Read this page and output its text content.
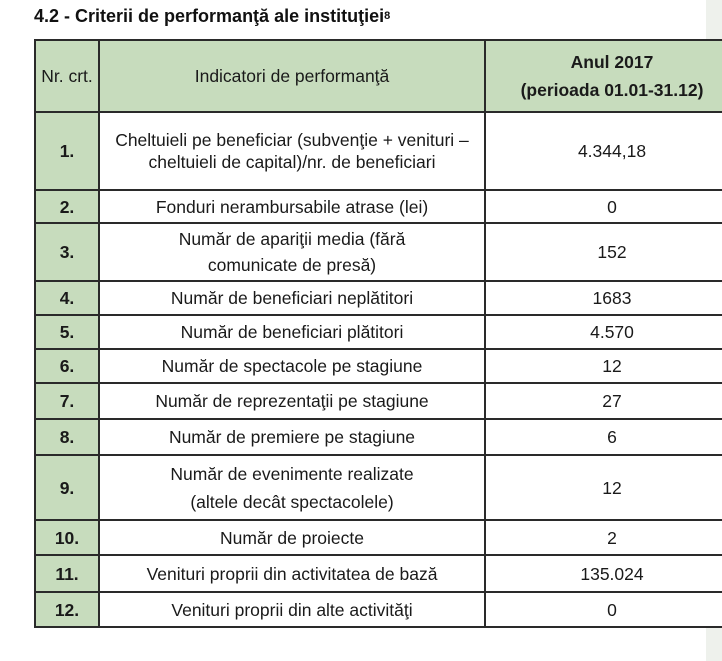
4.2 - Criterii de performanţă ale instituţiei$^8$
Nr. crt.	Indicatori de performanţă	Anul 2017
(perioada 01.01-31.12)

1.	Cheltuieli pe beneficiar (subvenţie + venituri – cheltuieli de capital)/nr. de beneficiari	4.344,18
2.	Fonduri nerambursabile atrase (lei)	0
3.	Număr de apariţii media (fără comunicate de presă)	152
4.	Număr de beneficiari neplătitori	1683
5.	Număr de beneficiari plătitori	4.570
6.	Număr de spectacole pe stagiune	12
7.	Număr de reprezentaţii pe stagiune	27
8.	Număr de premiere pe stagiune	6
9.	Număr de evenimente realizate (altele decât spectacolele)	12
10.	Număr de proiecte	2
11.	Venituri proprii din activitatea de bază	135.024
12.	Venituri proprii din alte activităţi	0
